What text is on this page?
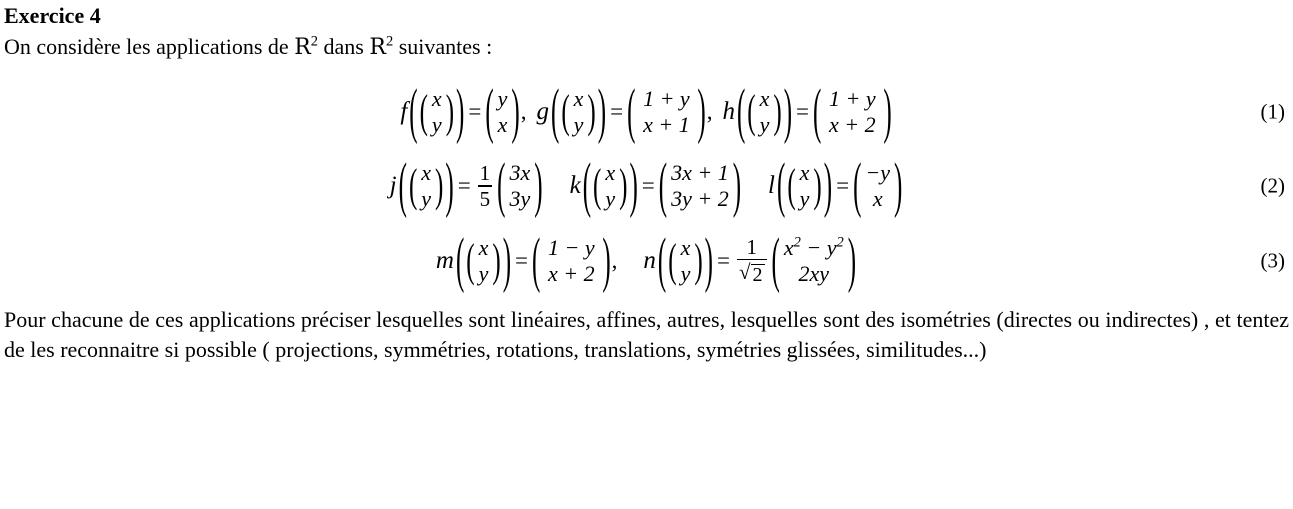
Exercice 4
On considère les applications de $R^2$ dans $R^2$ suivantes :
f ( ( x
y ) ) = ( y
x ) , g ( ( x
y ) ) = ( 1 + y
x + 1 ) , h ( ( x
y ) ) = ( 1 + y
x + 2 )	(1)
j ( ( x
y ) ) = $\frac{1}{5}$ ( 3x
3y ) k ( ( x
y ) ) = ( 3x + 1
3y + 2 ) l ( ( x
y ) ) = ( −y
x )	(2)
m ( ( x
y ) ) = ( 1 − y
x + 2 ) ,	n ( ( x
y ) ) = $\frac{1}{√ 2}$ ( $x^2 - y^2$
2xy )	(3)
Pour chacune de ces applications préciser lesquelles sont linéaires, affines, autres, lesquelles sont des isométries (directes ou indirectes) , et tentez de les reconnaitre si possible ( projections, symmétries, rotations, translations, symétries glissées, similitudes...)
